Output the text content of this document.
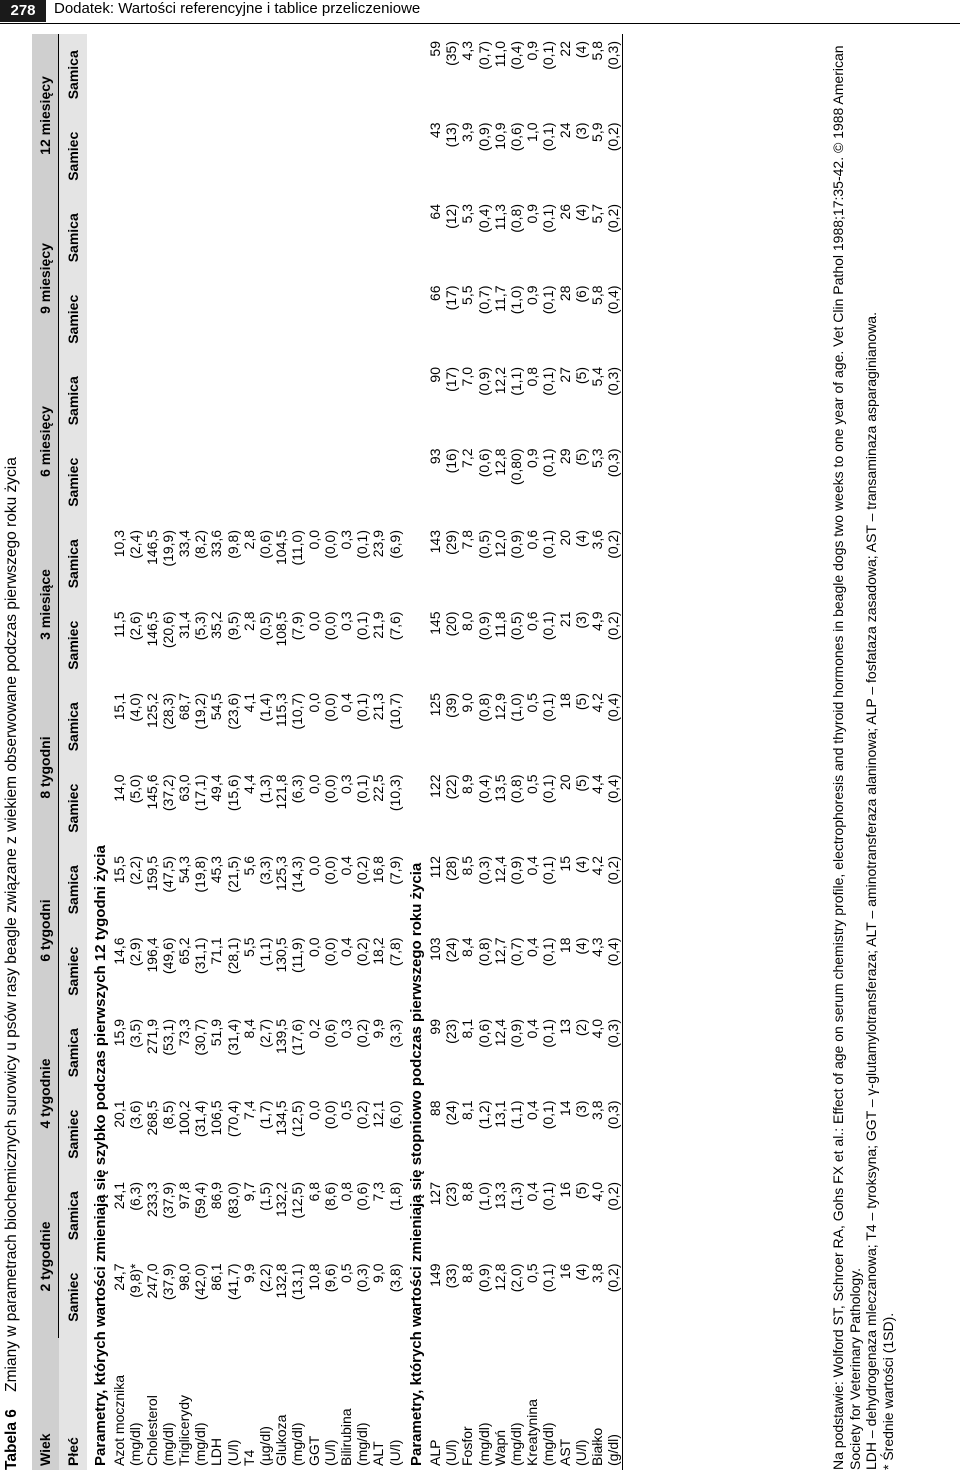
278	Dodatek: Wartości referencyjne i tablice przeliczeniowe
Tabela 6    Zmiany w parametrach biochemicznych surowicy u psów rasy beagle związane z wiekiem obserwowane podczas pierwszego roku życia
Wiek	2 tygodnie		4 tygodnie		6 tygodni		8 tygodni		3 miesiące		6 miesięcy		9 miesięcy		12 miesięcy	
Płeć	Samiec	Samica	Samiec	Samica	Samiec	Samica	Samiec	Samica	Samiec	Samica	Samiec	Samica	Samiec	Samica	Samiec	Samica
Parametry, których wartości zmieniają się szybko podczas pierwszych 12 tygodni życia																
Azot mocznika	24,7	24,1	20,1	15,9	14,6	15,5	14,0	15,1	11,5	10,3						
(mg/dl)	(9,8)*	(6,3)	(3,6)	(3,5)	(2,9)	(2,2)	(5,0)	(4,0)	(2,6)	(2,4)						
Cholesterol	247,0	233,3	268,5	271,9	196,4	159,5	145,6	125,2	146,5	146,5						
(mg/dl)	(37,9)	(37,9)	(8,5)	(53,1)	(49,6)	(47,5)	(37,2)	(28,3)	(20,6)	(19,9)						
Triglicerydy	98,0	97,8	100,2	73,3	65,2	54,3	63,0	68,7	31,4	33,4						
(mg/dl)	(42,0)	(59,4)	(31,4)	(30,7)	(31,1)	(19,8)	(17,1)	(19,2)	(5,3)	(8,2)						
LDH	86,1	86,9	106,5	51,9	71,1	45,3	49,4	54,5	35,2	33,6						
(U/l)	(41,7)	(83,0)	(70,4)	(31,4)	(28,1)	(21,5)	(15,6)	(23,6)	(9,5)	(9,8)						
T4	9,9	9,7	7,4	8,4	5,5	5,6	4,4	4,1	2,8	2,8						
(µg/dl)	(2,2)	(1,5)	(1,7)	(2,7)	(1,1)	(3,3)	(1,3)	(1,4)	(0,5)	(0,6)						
Glukoza	132,8	132,2	134,5	139,5	130,5	125,3	121,8	115,3	108,5	104,5						
(mg/dl)	(13,1)	(12,5)	(12,5)	(17,6)	(11,9)	(14,3)	(6,3)	(10,7)	(7,9)	(11,0)						
GGT	10,8	6,8	0,0	0,2	0,0	0,0	0,0	0,0	0,0	0,0						
(U/l)	(9,6)	(8,6)	(0,0)	(0,6)	(0,0)	(0,0)	(0,0)	(0,0)	(0,0)	(0,0)						
Bilirubina	0,5	0,8	0,5	0,3	0,4	0,4	0,3	0,4	0,3	0,3						
(mg/dl)	(0,3)	(0,6)	(0,2)	(0,2)	(0,2)	(0,2)	(0,1)	(0,1)	(0,1)	(0,1)						
ALT	9,0	7,3	12,1	9,9	18,2	16,8	22,5	21,3	21,9	23,9						
(U/l)	(3,8)	(1,8)	(6,0)	(3,3)	(7,8)	(7,9)	(10,3)	(10,7)	(7,6)	(6,9)						
Parametry, których wartości zmieniają się stopniowo podczas pierwszego roku życia																
ALP	149	127	88	99	103	112	122	125	145	143	93	90	66	64	43	59
(U/l)	(33)	(23)	(24)	(23)	(24)	(28)	(22)	(39)	(20)	(29)	(16)	(17)	(17)	(12)	(13)	(35)
Fosfor	8,8	8,8	8,1	8,1	8,4	8,5	8,9	9,0	8,0	7,8	7,2	7,0	5,5	5,3	3,9	4,3
(mg/dl)	(0,9)	(1,0)	(1,2)	(0,6)	(0,8)	(0,3)	(0,4)	(0,8)	(0,9)	(0,5)	(0,6)	(0,9)	(0,7)	(0,4)	(0,9)	(0,7)
Wapń	12,8	13,3	13,1	12,4	12,7	12,4	13,5	12,9	11,8	12,0	12,8	12,2	11,7	11,3	10,9	11,0
(mg/dl)	(2,0)	(1,3)	(1,1)	(0,9)	(0,7)	(0,9)	(0,8)	(1,0)	(0,5)	(0,9)	(0,80)	(1,1)	(1,0)	(0,8)	(0,6)	(0,4)
Kreatynina	0,5	0,4	0,4	0,4	0,4	0,4	0,5	0,5	0,6	0,6	0,9	0,8	0,9	0,9	1,0	0,9
(mg/dl)	(0,1)	(0,1)	(0,1)	(0,1)	(0,1)	(0,1)	(0,1)	(0,1)	(0,1)	(0,1)	(0,1)	(0,1)	(0,1)	(0,1)	(0,1)	(0,1)
AST	16	16	14	13	18	15	20	18	21	20	29	27	28	26	24	22
(U/l)	(4)	(5)	(3)	(2)	(4)	(4)	(5)	(5)	(3)	(4)	(5)	(5)	(6)	(4)	(3)	(4)
Białko	3,8	4,0	3,8	4,0	4,3	4,2	4,4	4,2	4,9	3,6	5,3	5,4	5,8	5,7	5,9	5,8
(g/dl)	(0,2)	(0,2)	(0,3)	(0,3)	(0,4)	(0,2)	(0,4)	(0,4)	(0,2)	(0,2)	(0,3)	(0,3)	(0,4)	(0,2)	(0,2)	(0,3)	Na podstawie: Wolford ST, Schroer RA, Gohs FX et al.: Effect of age on serum chemistry profile, electrophoresis and thyroid hormones in beagle dogs two weeks to one year of age. Vet Clin Pathol 1988;17:35-42. © 1988 American Society for Veterinary Pathology. LDH – dehydrogenaza mleczanowa; T4 – tyroksyna; GGT – γ-glutamylotransferaza; ALT – aminotransferaza alaninowa; ALP – fosfataza zasadowa; AST – transaminaza asparaginianowa. * Średnie wartości (1SD).
